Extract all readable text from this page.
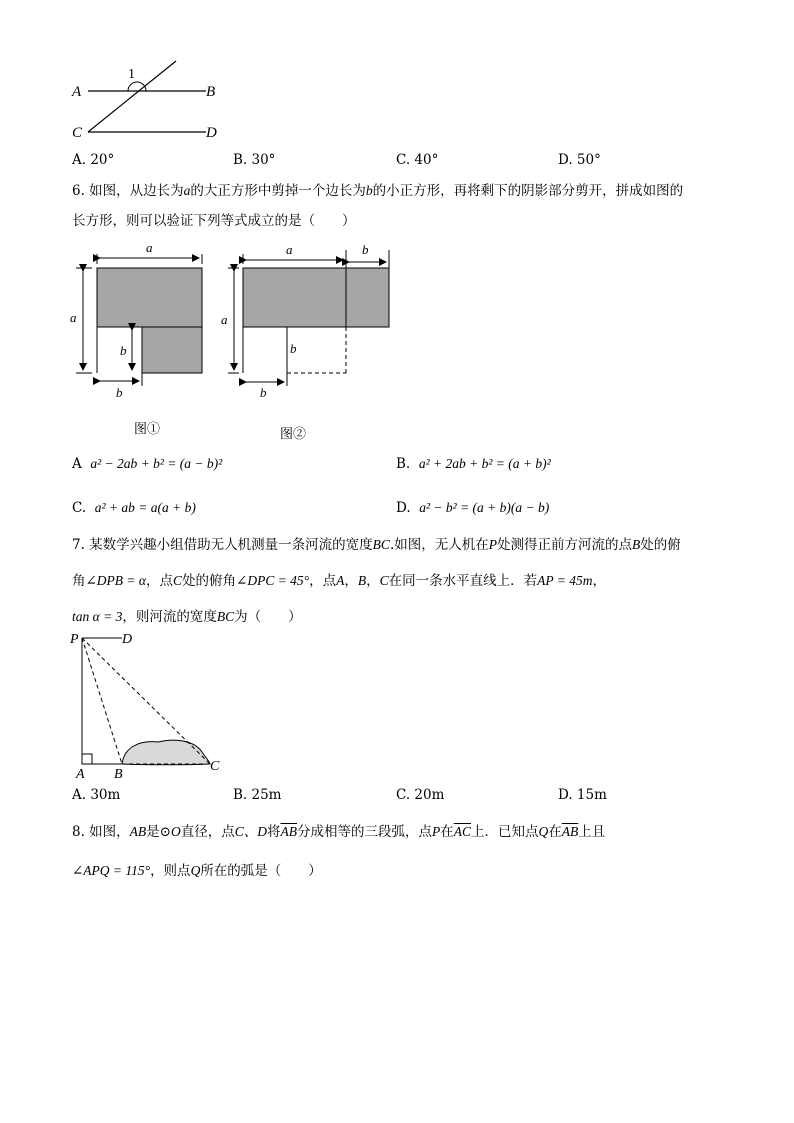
1
A	B
C	D
A. 20°	B. 30°	C. 40°	D. 50°
6. 如图，从边长为a的大正方形中剪掉一个边长为b的小正方形，再将剩下的阴影部分剪开，拼成如图的
长方形，则可以验证下列等式成立的是（　　）
a
a
b
b
图①
a	b
a
b
b
图②
A a² − 2ab + b² = (a − b)²	B. a² + 2ab + b² = (a + b)²
C. a² + ab = a(a + b)	D. a² − b² = (a + b)(a − b)
7. 某数学兴趣小组借助无人机测量一条河流的宽度BC.如图，无人机在P处测得正前方河流的点B处的俯
角∠DPB = α，点C处的俯角∠DPC = 45°，点A，B，C在同一条水平直线上．若AP = 45m，
tan α = 3，则河流的宽度BC为（　　）
P	D
A B
C
A. 30m	B. 25m	C. 20m	D. 15m
8. 如图，AB是⊙O直径，点C、D将$\overline{AB}$分成相等的三段弧，点P在$\overline{AC}$上．已知点Q在$\overline{AB}$上且
∠APQ = 115°，则点Q所在的弧是（　　）
